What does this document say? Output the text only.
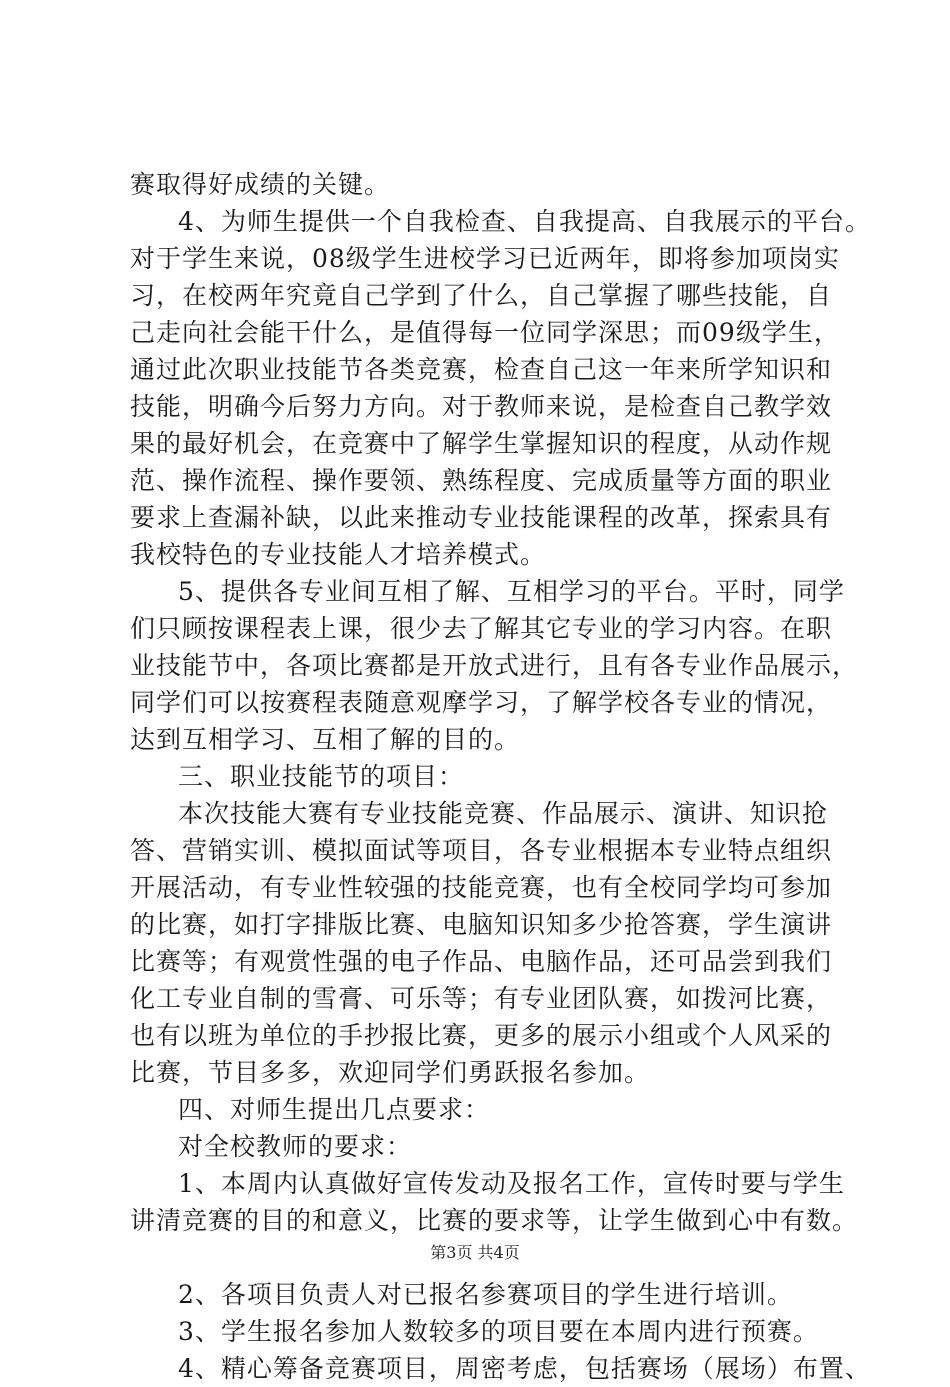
赛取得好成绩的关键。
4、为师生提供一个自我检查、自我提高、自我展示的平台。
对于学生来说，08级学生进校学习已近两年，即将参加项岗实
习，在校两年究竟自己学到了什么，自己掌握了哪些技能，自
己走向社会能干什么，是值得每一位同学深思；而09级学生，
通过此次职业技能节各类竞赛，检查自己这一年来所学知识和
技能，明确今后努力方向。对于教师来说，是检查自己教学效
果的最好机会，在竞赛中了解学生掌握知识的程度，从动作规
范、操作流程、操作要领、熟练程度、完成质量等方面的职业
要求上查漏补缺，以此来推动专业技能课程的改革，探索具有
我校特色的专业技能人才培养模式。
5、提供各专业间互相了解、互相学习的平台。平时，同学
们只顾按课程表上课，很少去了解其它专业的学习内容。在职
业技能节中，各项比赛都是开放式进行，且有各专业作品展示，
同学们可以按赛程表随意观摩学习，了解学校各专业的情况，
达到互相学习、互相了解的目的。
三、职业技能节的项目：
本次技能大赛有专业技能竞赛、作品展示、演讲、知识抢
答、营销实训、模拟面试等项目，各专业根据本专业特点组织
开展活动，有专业性较强的技能竞赛，也有全校同学均可参加
的比赛，如打字排版比赛、电脑知识知多少抢答赛，学生演讲
比赛等；有观赏性强的电子作品、电脑作品，还可品尝到我们
化工专业自制的雪膏、可乐等；有专业团队赛，如拨河比赛，
也有以班为单位的手抄报比赛，更多的展示小组或个人风采的
比赛，节目多多，欢迎同学们勇跃报名参加。
四、对师生提出几点要求：
对全校教师的要求：
1、本周内认真做好宣传发动及报名工作，宣传时要与学生
讲清竞赛的目的和意义，比赛的要求等，让学生做到心中有数。
2、各项目负责人对已报名参赛项目的学生进行培训。
3、学生报名参加人数较多的项目要在本周内进行预赛。
4、精心筹备竞赛项目，周密考虑，包括赛场（展场）布置、
第3页 共4页
